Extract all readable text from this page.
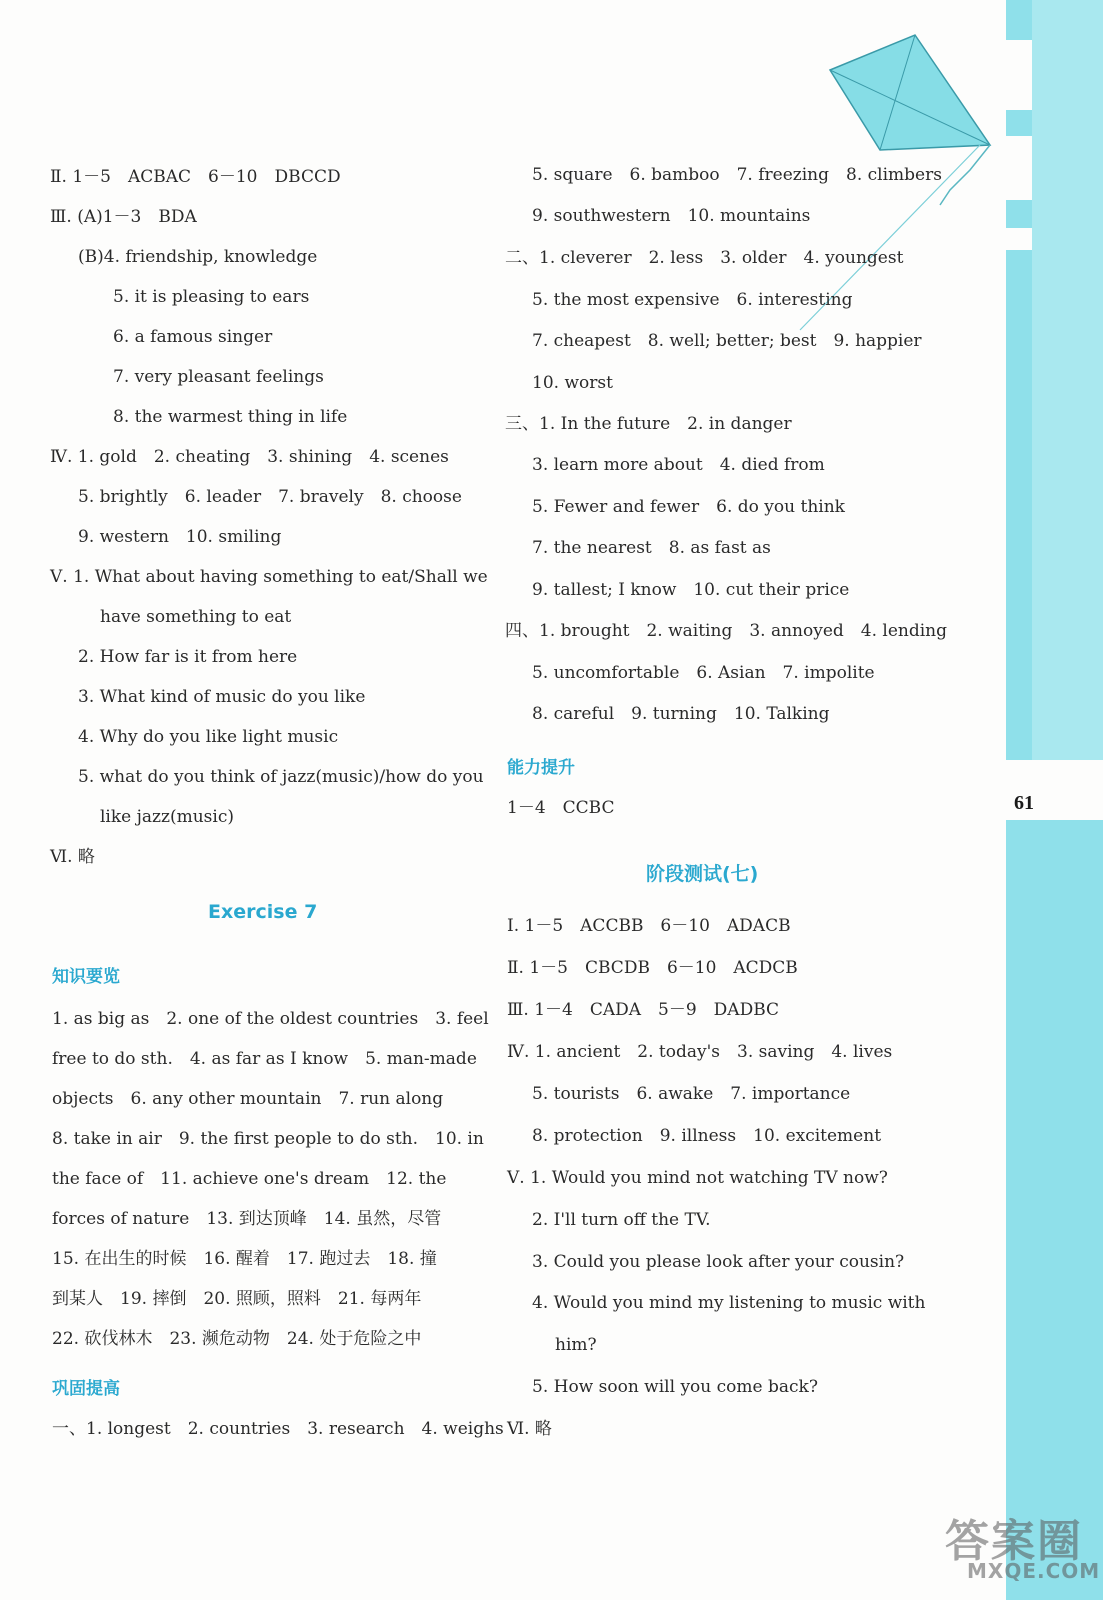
61
Ⅱ. 1－5　ACBAC　6－10　DBCCD
Ⅲ. (A)1－3　BDA
(B)4. friendship, knowledge
5. it is pleasing to ears
6. a famous singer
7. very pleasant feelings
8. the warmest thing in life
Ⅳ. 1. gold　2. cheating　3. shining　4. scenes
5. brightly　6. leader　7. bravely　8. choose
9. western　10. smiling
Ⅴ. 1. What about having something to eat/Shall we
have something to eat
2. How far is it from here
3. What kind of music do you like
4. Why do you like light music
5. what do you think of jazz(music)/how do you
like jazz(music)
Ⅵ. 略
Exercise 7
知识要览
1. as big as　2. one of the oldest countries　3. feel
free to do sth.　4. as far as I know　5. man-made
objects　6. any other mountain　7. run along
8. take in air　9. the first people to do sth.　10. in
the face of　11. achieve one's dream　12. the
forces of nature　13. 到达顶峰　14. 虽然，尽管
15. 在出生的时候　16. 醒着　17. 跑过去　18. 撞
到某人　19. 摔倒　20. 照顾，照料　21. 每两年
22. 砍伐林木　23. 濒危动物　24. 处于危险之中
巩固提高
一、1. longest　2. countries　3. research　4. weighs
5. square　6. bamboo　7. freezing　8. climbers
9. southwestern　10. mountains
二、1. cleverer　2. less　3. older　4. youngest
5. the most expensive　6. interesting
7. cheapest　8. well; better; best　9. happier
10. worst
三、1. In the future　2. in danger
3. learn more about　4. died from
5. Fewer and fewer　6. do you think
7. the nearest　8. as fast as
9. tallest; I know　10. cut their price
四、1. brought　2. waiting　3. annoyed　4. lending
5. uncomfortable　6. Asian　7. impolite
8. careful　9. turning　10. Talking
能力提升
1－4　CCBC
阶段测试(七)
Ⅰ. 1－5　ACCBB　6－10　ADACB
Ⅱ. 1－5　CBCDB　6－10　ACDCB
Ⅲ. 1－4　CADA　5－9　DADBC
Ⅳ. 1. ancient　2. today's　3. saving　4. lives
5. tourists　6. awake　7. importance
8. protection　9. illness　10. excitement
Ⅴ. 1. Would you mind not watching TV now?
2. I'll turn off the TV.
3. Could you please look after your cousin?
4. Would you mind my listening to music with
him?
5. How soon will you come back?
Ⅵ. 略
答案圈
MXQE.COM
